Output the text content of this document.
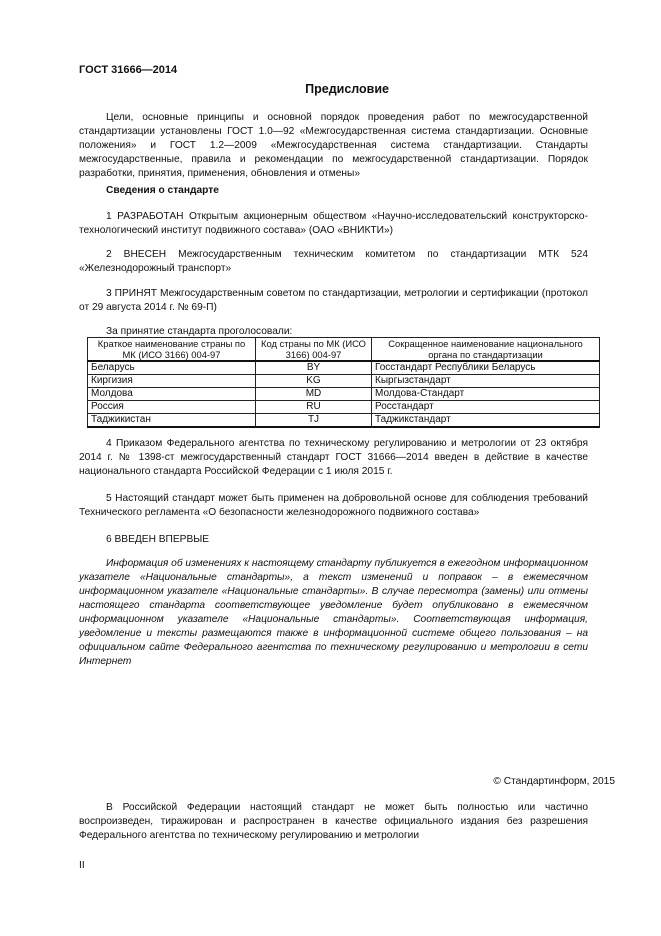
ГОСТ 31666—2014
Предисловие
Цели, основные принципы и основной порядок проведения работ по межгосударственной стандартизации установлены ГОСТ 1.0—92 «Межгосударственная система стандартизации. Основные положения» и ГОСТ 1.2—2009 «Межгосударственная система стандартизации. Стандарты межгосударственные, правила и рекомендации по межгосударственной стандартизации. Порядок разработки, принятия, применения, обновления и отмены»
Сведения о стандарте
1 РАЗРАБОТАН Открытым акционерным обществом «Научно-исследовательский конструкторско-технологический институт подвижного состава» (ОАО «ВНИКТИ»)
2 ВНЕСЕН Межгосударственным техническим комитетом по стандартизации МТК 524 «Железнодорожный транспорт»
3 ПРИНЯТ Межгосударственным советом по стандартизации, метрологии и сертификации (протокол от 29 августа 2014 г. № 69-П)
За принятие стандарта проголосовали:
Краткое наименование страны по МК (ИСО 3166) 004-97	Код страны по МК (ИСО 3166) 004-97	Сокращенное наименование национального органа по стандартизации
Беларусь	BY	Госстандарт Республики Беларусь
Киргизия	KG	Кыргызстандарт
Молдова	MD	Молдова-Стандарт
Россия	RU	Росстандарт
Таджикистан	TJ	Таджикстандарт
4 Приказом Федерального агентства по техническому регулированию и метрологии от 23 октября 2014 г. № 1398-ст межгосударственный стандарт ГОСТ 31666—2014 введен в действие в качестве национального стандарта Российской Федерации с 1 июля 2015 г.
5 Настоящий стандарт может быть применен на добровольной основе для соблюдения требований Технического регламента «О безопасности железнодорожного подвижного состава»
6 ВВЕДЕН ВПЕРВЫЕ
Информация об изменениях к настоящему стандарту публикуется в ежегодном информационном указателе «Национальные стандарты», а текст изменений и поправок – в ежемесячном информационном указателе «Национальные стандарты». В случае пересмотра (замены) или отмены настоящего стандарта соответствующее уведомление будет опубликовано в ежемесячном информационном указателе «Национальные стандарты». Соответствующая информация, уведомление и тексты размещаются также в информационной системе общего пользования – на официальном сайте Федерального агентства по техническому регулированию и метрологии в сети Интернет
© Стандартинформ, 2015
В Российской Федерации настоящий стандарт не может быть полностью или частично воспроизведен, тиражирован и распространен в качестве официального издания без разрешения Федерального агентства по техническому регулированию и метрологии
II
